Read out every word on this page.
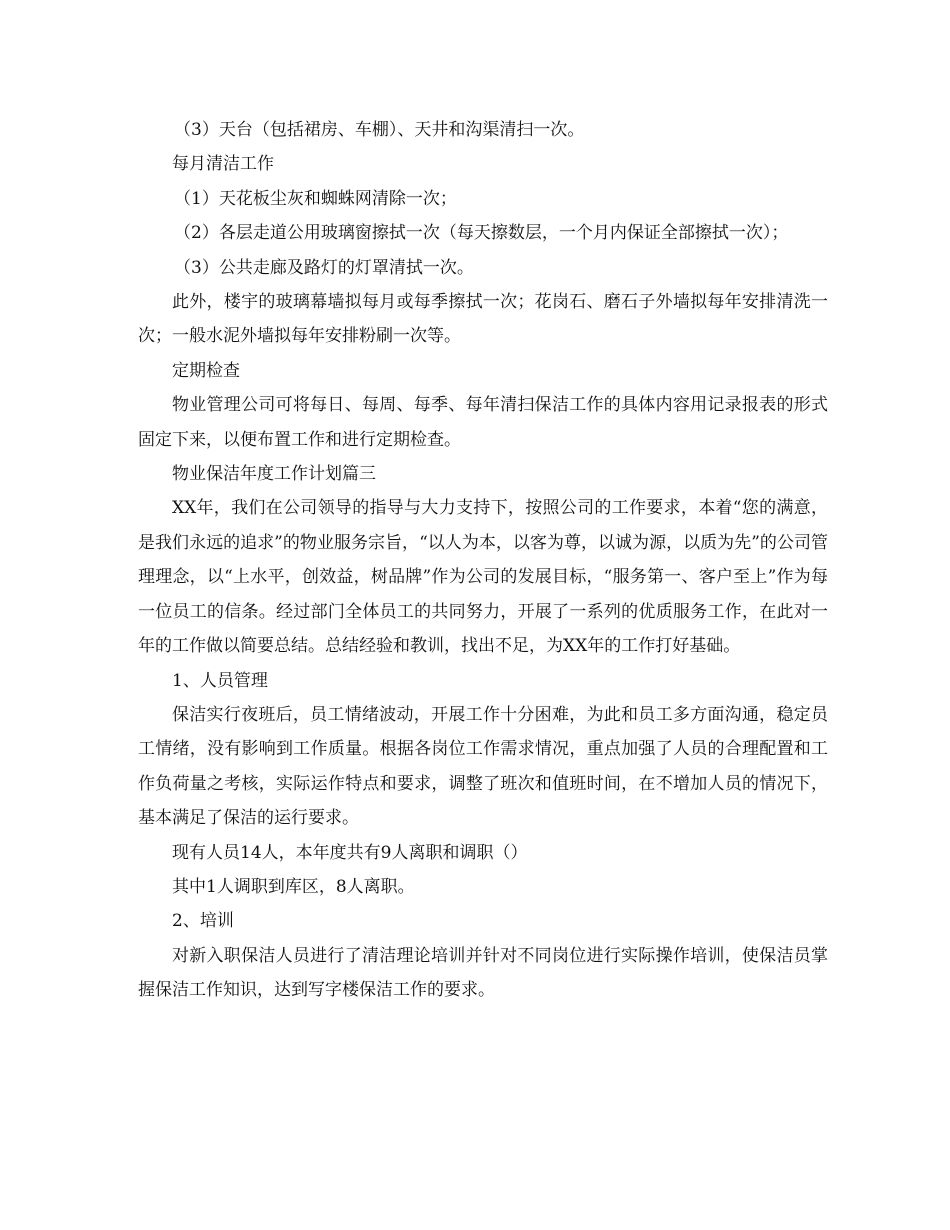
（3）天台（包括裙房、车棚）、天井和沟渠清扫一次。

每月清洁工作

（1）天花板尘灰和蜘蛛网清除一次；

（2）各层走道公用玻璃窗擦拭一次（每天擦数层，一个月内保证全部擦拭一次）；

（3）公共走廊及路灯的灯罩清拭一次。

此外，楼宇的玻璃幕墙拟每月或每季擦拭一次；花岗石、磨石子外墙拟每年安排清洗一次；一般水泥外墙拟每年安排粉刷一次等。

定期检查

物业管理公司可将每日、每周、每季、每年清扫保洁工作的具体内容用记录报表的形式固定下来，以便布置工作和进行定期检查。

物业保洁年度工作计划篇三

XX年，我们在公司领导的指导与大力支持下，按照公司的工作要求，本着“您的满意，是我们永远的追求”的物业服务宗旨，“以人为本，以客为尊，以诚为源，以质为先”的公司管理理念，以“上水平，创效益，树品牌”作为公司的发展目标，“服务第一、客户至上”作为每一位员工的信条。经过部门全体员工的共同努力，开展了一系列的优质服务工作，在此对一年的工作做以简要总结。总结经验和教训，找出不足，为XX年的工作打好基础。

1、人员管理

保洁实行夜班后，员工情绪波动，开展工作十分困难，为此和员工多方面沟通，稳定员工情绪，没有影响到工作质量。根据各岗位工作需求情况，重点加强了人员的合理配置和工作负荷量之考核，实际运作特点和要求，调整了班次和值班时间，在不增加人员的情况下，基本满足了保洁的运行要求。

现有人员14人，本年度共有9人离职和调职（）

其中1人调职到库区，8人离职。

2、培训

对新入职保洁人员进行了清洁理论培训并针对不同岗位进行实际操作培训，使保洁员掌握保洁工作知识，达到写字楼保洁工作的要求。
